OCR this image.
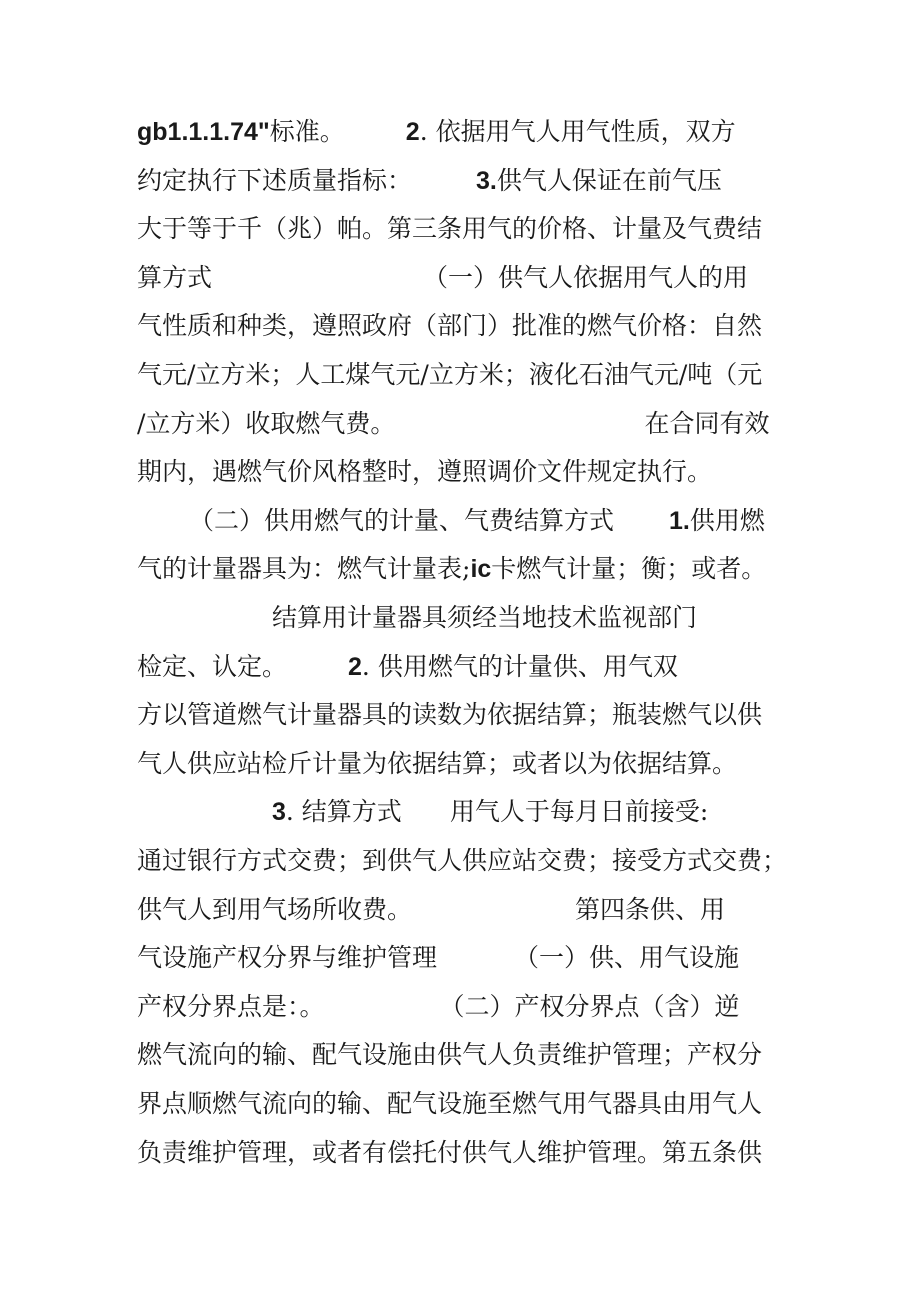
gb1.1.1.74"标准。 2. 依据用气人用气性质，双方
约定执行下述质量指标：	3.供气人保证在前气压
大于等于千（兆）帕。第三条用气的价格、计量及气费结
算方式	（一）供气人依据用气人的用
气性质和种类，遵照政府（部门）批准的燃气价格：自然
气元/立方米；人工煤气元/立方米；液化石油气元/吨（元
/立方米）收取燃气费。	在合同有效
期内，遇燃气价风格整时，遵照调价文件规定执行。
（二）供用燃气的计量、气费结算方式 1.供用燃
气的计量器具为：燃气计量表;ic卡燃气计量；衡；或者。
结算用计量器具须经当地技术监视部门
检定、认定。 2. 供用燃气的计量供、用气双
方以管道燃气计量器具的读数为依据结算；瓶装燃气以供
气人供应站检斤计量为依据结算；或者以为依据结算。
3. 结算方式 用气人于每月日前接受:
通过银行方式交费；到供气人供应站交费；接受方式交费；
供气人到用气场所收费。	第四条供、用
气设施产权分界与维护管理	（一）供、用气设施
产权分界点是：。	（二）产权分界点（含）逆
燃气流向的输、配气设施由供气人负责维护管理；产权分
界点顺燃气流向的输、配气设施至燃气用气器具由用气人
负责维护管理，或者有偿托付供气人维护管理。第五条供
